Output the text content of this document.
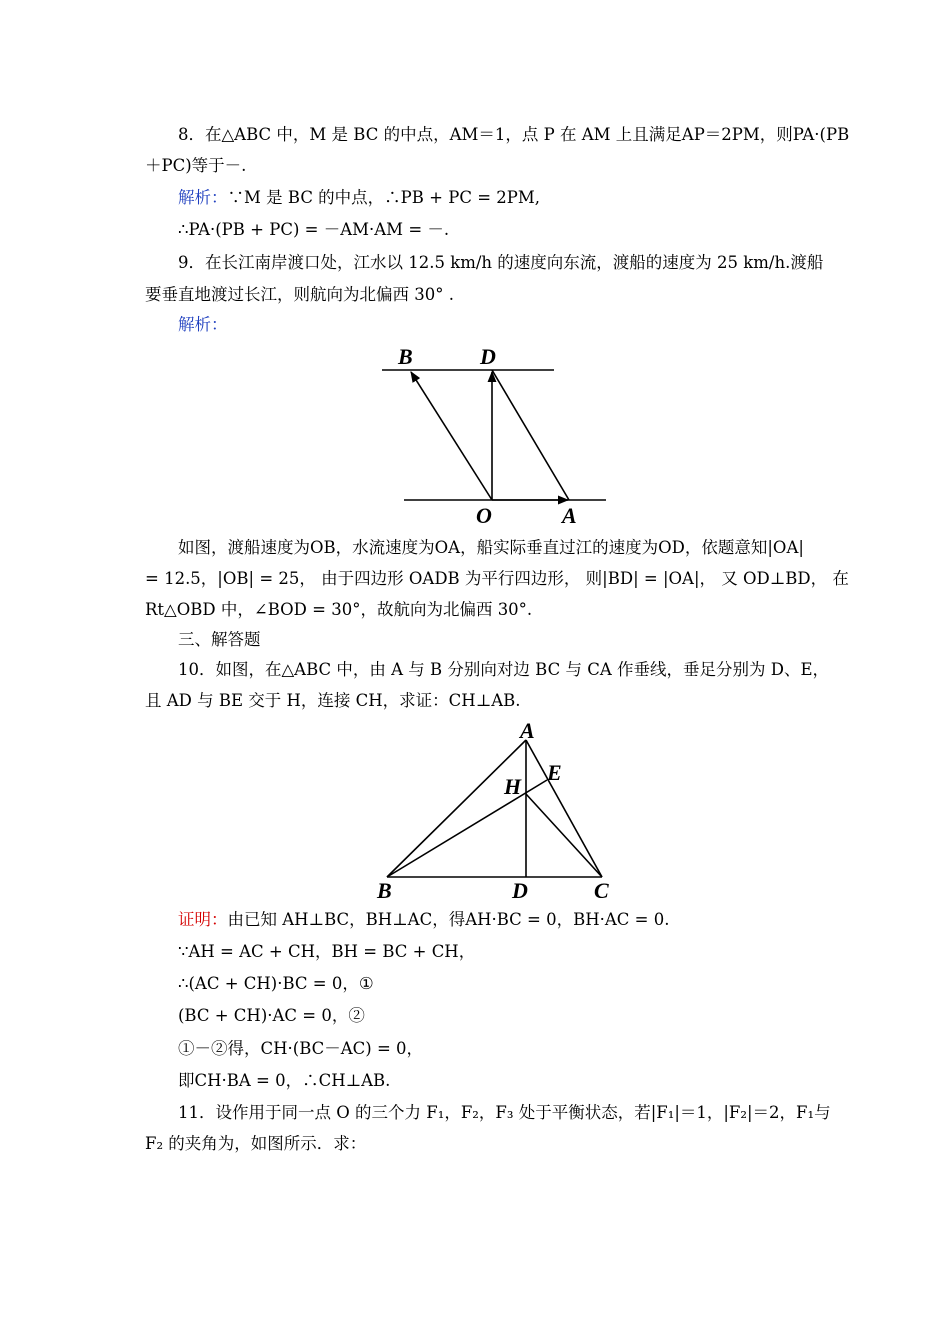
8．在△ABC 中，M 是 BC 的中点，AM＝1，点 P 在 AM 上且满足AP＝2PM，则PA·(PB
＋PC)等于－.
解析：∵M 是 BC 的中点，∴PB + PC = 2PM,
∴PA·(PB + PC) = －AM·AM = －.
9．在长江南岸渡口处，江水以 12.5 km/h 的速度向东流，渡船的速度为 25 km/h.渡船
要垂直地渡过长江，则航向为北偏西 30° .
解析：
B	D
O	A
如图，渡船速度为OB，水流速度为OA，船实际垂直过江的速度为OD，依题意知|OA|
= 12.5，|OB| = 25， 由于四边形 OADB 为平行四边形， 则|BD| = |OA|， 又 OD⊥BD， 在
Rt△OBD 中，∠BOD = 30°，故航向为北偏西 30°.
三、解答题
10．如图，在△ABC 中，由 A 与 B 分别向对边 BC 与 CA 作垂线，垂足分别为 D、E，
且 AD 与 BE 交于 H，连接 CH，求证：CH⊥AB.
A
E
H
B	D	C
证明：由已知 AH⊥BC，BH⊥AC，得AH·BC = 0，BH·AC = 0.
∵AH = AC + CH，BH = BC + CH，
∴(AC + CH)·BC = 0，①
(BC + CH)·AC = 0，②
①－②得，CH·(BC－AC) = 0，
即CH·BA = 0，∴CH⊥AB.
11．设作用于同一点 O 的三个力 F₁，F₂，F₃ 处于平衡状态，若|F₁|＝1，|F₂|＝2，F₁与
F₂ 的夹角为，如图所示．求：
